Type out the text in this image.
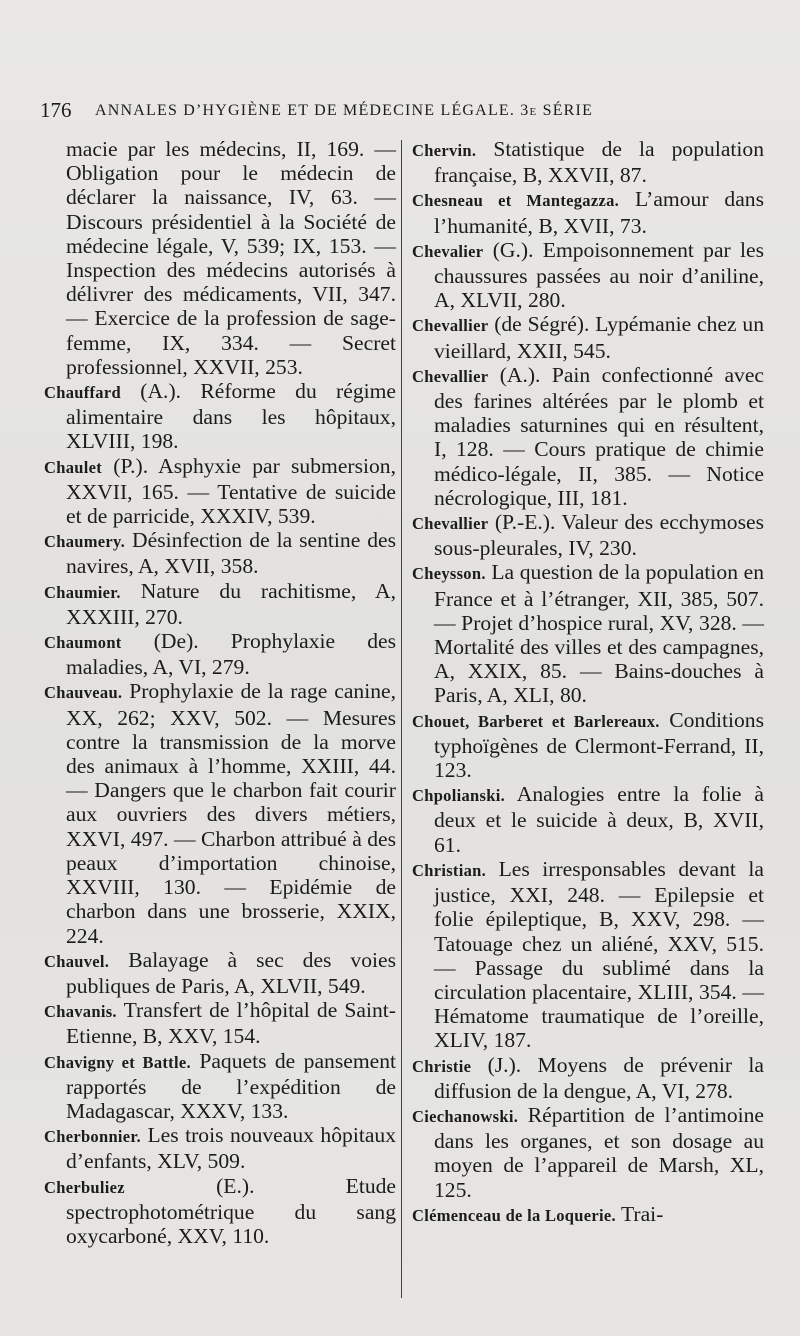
176 ANNALES D’HYGIÈNE ET DE MÉDECINE LÉGALE. 3e SÉRIE

macie par les médecins, II, 169. — Obligation pour le médecin de déclarer la naissance, IV, 63. — Discours présidentiel à la Société de médecine légale, V, 539; IX, 153. — Inspection des médecins autorisés à délivrer des médicaments, VII, 347. — Exercice de la profession de sage-femme, IX, 334. — Secret professionnel, XXVII, 253.

Chauffard (A.). Réforme du régime alimentaire dans les hôpitaux, XLVIII, 198.

Chaulet (P.). Asphyxie par submersion, XXVII, 165. — Tentative de suicide et de parricide, XXXIV, 539.

Chaumery. Désinfection de la sentine des navires, A, XVII, 358.

Chaumier. Nature du rachitisme, A, XXXIII, 270.

Chaumont (De). Prophylaxie des maladies, A, VI, 279.

Chauveau. Prophylaxie de la rage canine, XX, 262; XXV, 502. — Mesures contre la transmission de la morve des animaux à l’homme, XXIII, 44. — Dangers que le charbon fait courir aux ouvriers des divers métiers, XXVI, 497. — Charbon attribué à des peaux d’importation chinoise, XXVIII, 130. — Epidémie de charbon dans une brosserie, XXIX, 224.

Chauvel. Balayage à sec des voies publiques de Paris, A, XLVII, 549.

Chavanis. Transfert de l’hôpital de Saint-Etienne, B, XXV, 154.

Chavigny et Battle. Paquets de pansement rapportés de l’expédition de Madagascar, XXXV, 133.

Cherbonnier. Les trois nouveaux hôpitaux d’enfants, XLV, 509.

Cherbuliez	(E.). Etude spectrophotométrique du sang oxycarboné, XXV, 110.

Chervin. Statistique de la population française, B, XXVII, 87.

Chesneau et Mantegazza. L’amour dans l’humanité, B, XVII, 73.

Chevalier (G.). Empoisonnement par les chaussures passées au noir d’aniline, A, XLVII, 280.

Chevallier (de Ségré). Lypémanie chez un vieillard, XXII, 545.

Chevallier (A.). Pain confectionné avec des farines altérées par le plomb et maladies saturnines qui en résultent, I, 128. — Cours pratique de chimie médico-légale, II, 385. — Notice nécrologique, III, 181.

Chevallier (P.-E.). Valeur des ecchymoses sous-pleurales, IV, 230.

Cheysson. La question de la population en France et à l’étranger, XII, 385, 507. — Projet d’hospice rural, XV, 328. — Mortalité des villes et des campagnes, A, XXIX, 85. — Bains-douches à Paris, A, XLI, 80.

Chouet, Barberet et Barlereaux. Conditions typhoïgènes de Clermont-Ferrand, II, 123.

Chpolianski. Analogies entre la folie à deux et le suicide à deux, B, XVII, 61.

Christian. Les irresponsables devant la justice, XXI, 248. — Epilepsie et folie épileptique, B, XXV, 298. — Tatouage chez un aliéné, XXV, 515. — Passage du sublimé dans la circulation placentaire, XLIII, 354. — Hématome traumatique de l’oreille, XLIV, 187.

Christie (J.). Moyens de prévenir la diffusion de la dengue, A, VI, 278.

Ciechanowski. Répartition de l’antimoine dans les organes, et son dosage au moyen de l’appareil de Marsh, XL, 125.

Clémenceau de la Loquerie. Trai-
